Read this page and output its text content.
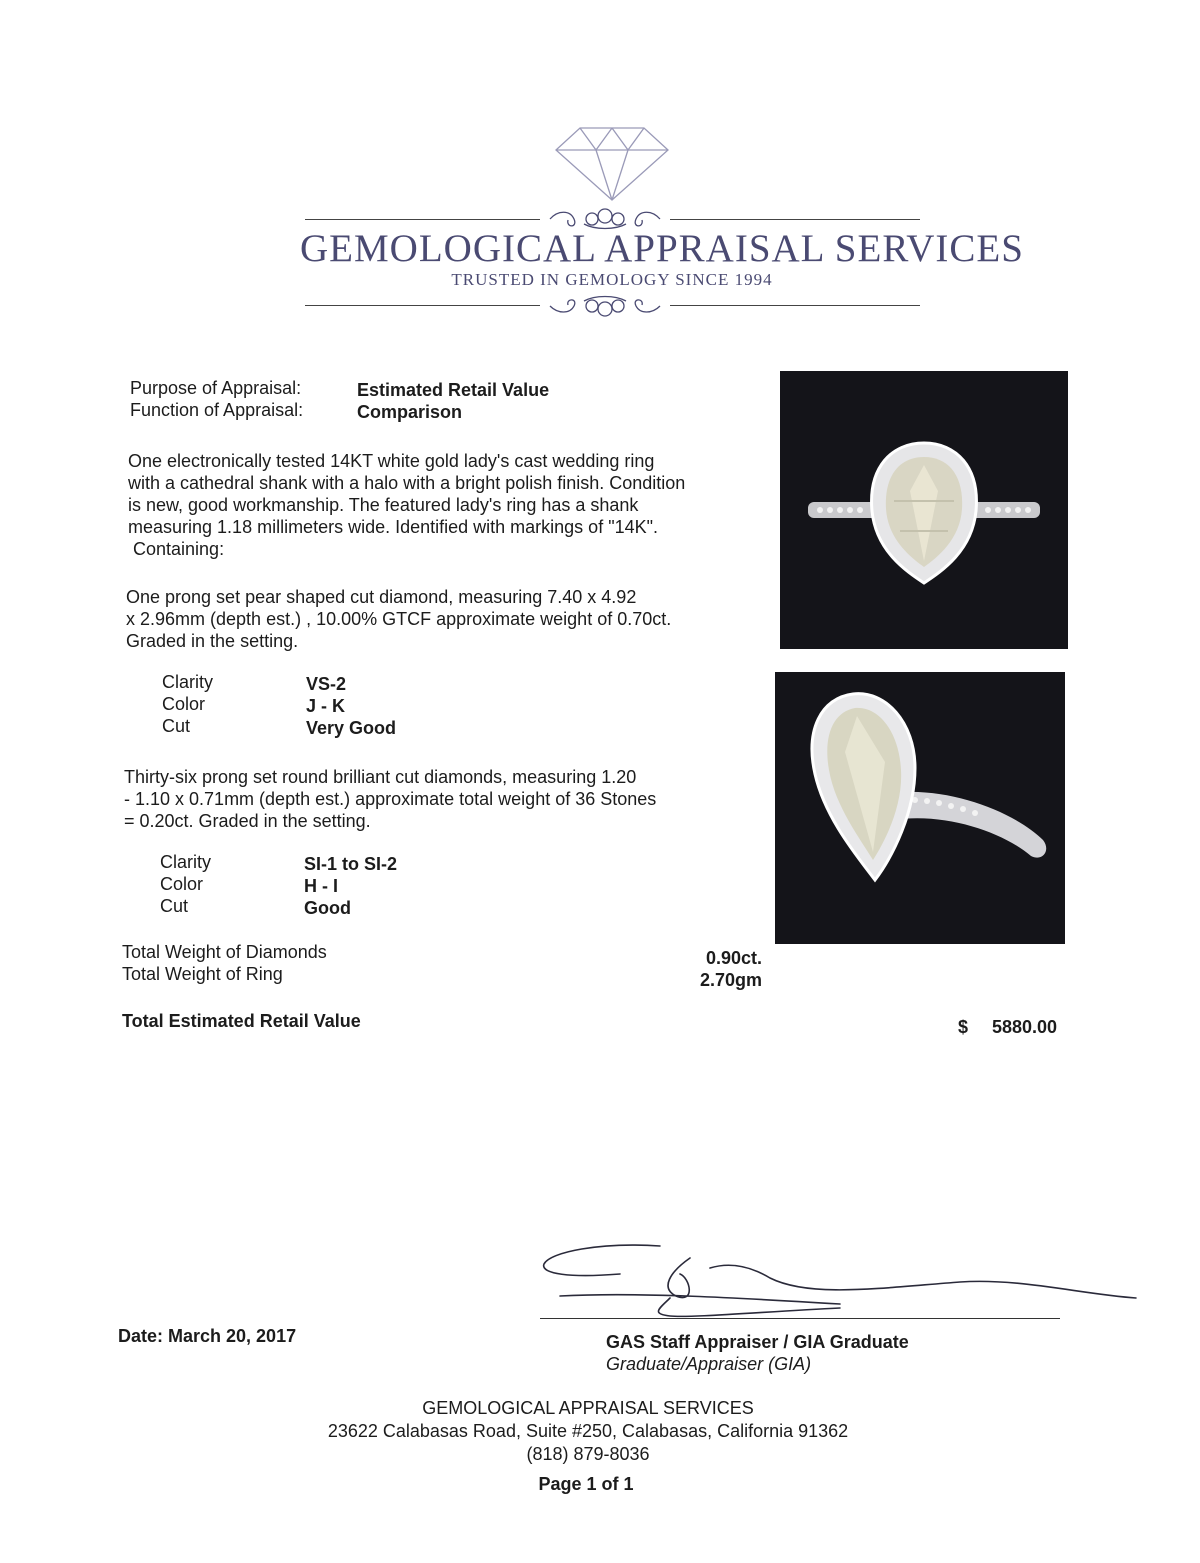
GEMOLOGICAL APPRAISAL SERVICES
TRUSTED IN GEMOLOGY SINCE 1994
Purpose of Appraisal:	Estimated Retail Value
Function of Appraisal:	Comparison
One electronically tested 14KT white gold lady's cast wedding ring
with a cathedral shank with a halo with a bright polish finish. Condition
is new, good workmanship. The featured lady's ring has a shank
measuring 1.18 millimeters wide. Identified with markings of "14K".
Containing:
One prong set pear shaped cut diamond, measuring 7.40 x 4.92
x 2.96mm (depth est.) , 10.00% GTCF approximate weight of 0.70ct.
Graded in the setting.
Clarity	VS-2
Color	J - K
Cut	Very Good
Thirty-six prong set round brilliant cut diamonds, measuring 1.20
- 1.10 x 0.71mm (depth est.) approximate total weight of 36 Stones
= 0.20ct. Graded in the setting.
Clarity	SI-1 to SI-2
Color	H - I
Cut	Good
Total Weight of Diamonds	0.90ct.
Total Weight of Ring	2.70gm
Total Estimated Retail Value	$ 5880.00
Date: March 20, 2017	GAS Staff Appraiser / GIA Graduate
Graduate/Appraiser (GIA)
GEMOLOGICAL APPRAISAL SERVICES
23622 Calabasas Road, Suite #250, Calabasas, California 91362
(818) 879-8036
Page 1 of 1
